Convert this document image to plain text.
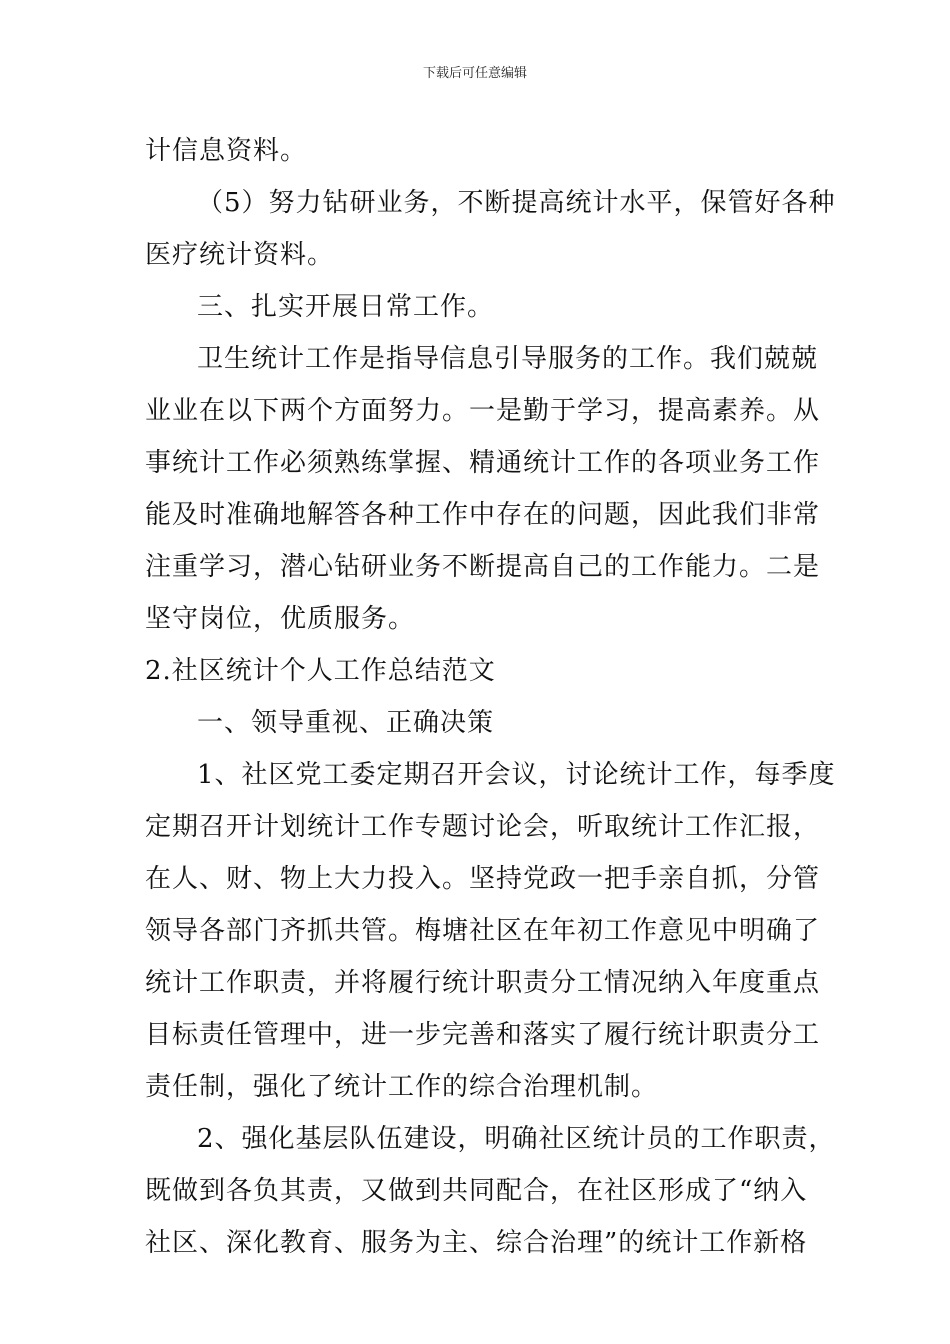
下载后可任意编辑
计信息资料。
（5）努力钻研业务，不断提高统计水平，保管好各种
医疗统计资料。
三、扎实开展日常工作。
卫生统计工作是指导信息引导服务的工作。我们兢兢
业业在以下两个方面努力。一是勤于学习，提高素养。从
事统计工作必须熟练掌握、精通统计工作的各项业务工作
能及时准确地解答各种工作中存在的问题，因此我们非常
注重学习，潜心钻研业务不断提高自己的工作能力。二是
坚守岗位，优质服务。
2.社区统计个人工作总结范文
一、领导重视、正确决策
1、社区党工委定期召开会议，讨论统计工作，每季度
定期召开计划统计工作专题讨论会，听取统计工作汇报，
在人、财、物上大力投入。坚持党政一把手亲自抓，分管
领导各部门齐抓共管。梅塘社区在年初工作意见中明确了
统计工作职责，并将履行统计职责分工情况纳入年度重点
目标责任管理中，进一步完善和落实了履行统计职责分工
责任制，强化了统计工作的综合治理机制。
2、强化基层队伍建设，明确社区统计员的工作职责，
既做到各负其责，又做到共同配合，在社区形成了“纳入
社区、深化教育、服务为主、综合治理”的统计工作新格
